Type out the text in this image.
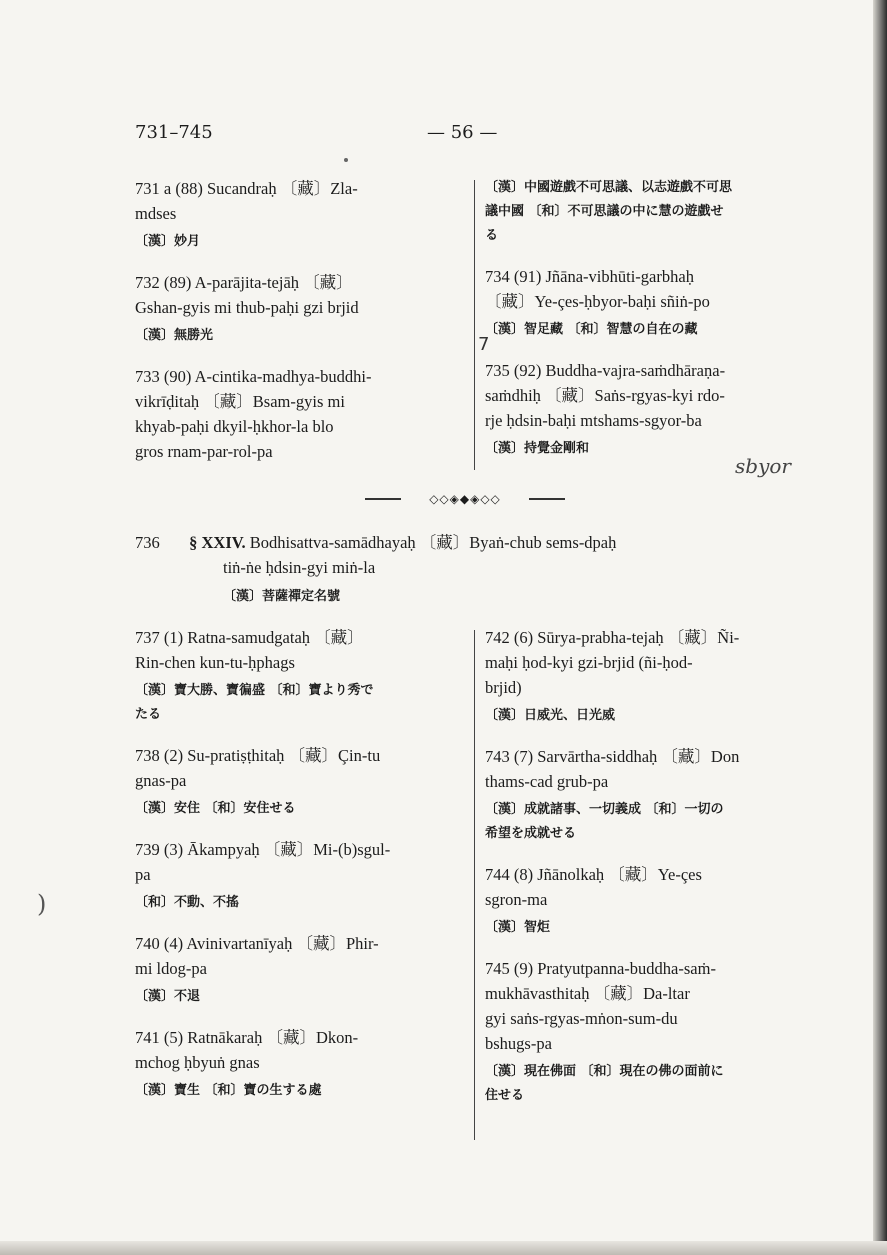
731–745	— 56 —
731 a (88) Sucandraḥ 〔藏〕Zla-
mdses
〔漢〕妙月
732 (89) A-parājita-tejāḥ 〔藏〕
Gshan-gyis mi thub-paḥi gzi brjid
〔漢〕無勝光
733 (90) A-cintika-madhya-buddhi-
vikrīḍitaḥ 〔藏〕Bsam-gyis mi
khyab-paḥi dkyil-ḥkhor-la blo
gros rnam-par-rol-pa
〔漢〕中國遊戲不可思議、以志遊戲不可思
議中國 〔和〕不可思議の中に慧の遊戲せ
る
734 (91) Jñāna-vibhūti-garbhaḥ
〔藏〕Ye-çes-ḥbyor-baḥi sñiṅ-po
〔漢〕智足藏 〔和〕智慧の自在の藏
735 (92) Buddha-vajra-saṁdhāraṇa-
saṁdhiḥ 〔藏〕Saṅs-rgyas-kyi rdo-
rje ḥdsin-baḥi mtshams-sgyor-ba
〔漢〕持覺金剛和
7
sbyor
◇◇◈◆◈◇◇
736 § XXIV. Bodhisattva-samādhayaḥ 〔藏〕Byaṅ-chub sems-dpaḥ
tiṅ-ṅe ḥdsin-gyi miṅ-la
〔漢〕菩薩禪定名號
737 (1) Ratna-samudgataḥ 〔藏〕
Rin-chen kun-tu-ḥphags
〔漢〕寶大勝、寶徧盛 〔和〕寶より秀で
たる
738 (2) Su-pratiṣṭhitaḥ 〔藏〕Çin-tu
gnas-pa
〔漢〕安住 〔和〕安住せる
739 (3) Ākampyaḥ 〔藏〕Mi-(b)sgul-
pa
〔和〕不動、不搖
740 (4) Avinivartanīyaḥ 〔藏〕Phir-
mi ldog-pa
〔漢〕不退
741 (5) Ratnākaraḥ 〔藏〕Dkon-
mchog ḥbyuṅ gnas
〔漢〕寶生 〔和〕寶の生する處
742 (6) Sūrya-prabha-tejaḥ 〔藏〕Ñi-
maḥi ḥod-kyi gzi-brjid (ñi-ḥod-
brjid)
〔漢〕日威光、日光威
743 (7) Sarvārtha-siddhaḥ 〔藏〕Don
thams-cad grub-pa
〔漢〕成就諸事、一切義成 〔和〕一切の
希望を成就せる
744 (8) Jñānolkaḥ 〔藏〕Ye-çes
sgron-ma
〔漢〕智炬
745 (9) Pratyutpanna-buddha-saṁ-
mukhāvasthitaḥ 〔藏〕Da-ltar
gyi saṅs-rgyas-mṅon-sum-du
bshugs-pa
〔漢〕現在佛面 〔和〕現在の佛の面前に
住せる
)
